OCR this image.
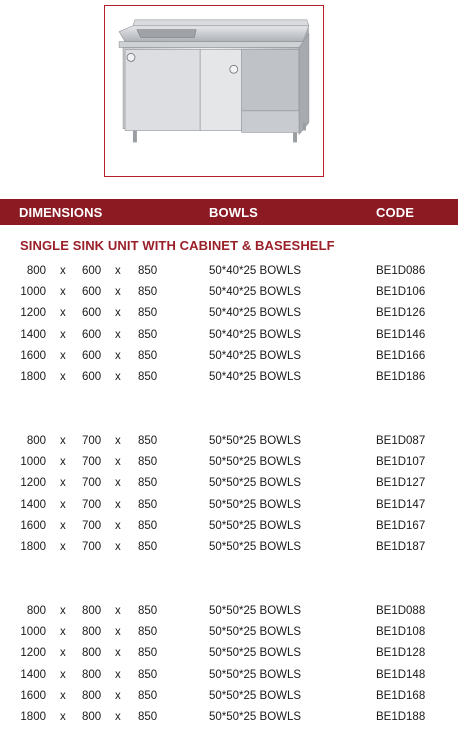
DIMENSIONS	BOWLS	CODE
SINGLE SINK UNIT WITH CABINET & BASESHELF
800 x 600 x 850	50*40*25 BOWLS	BE1D086
1000 x 600 x 850	50*40*25 BOWLS	BE1D106
1200 x 600 x 850	50*40*25 BOWLS	BE1D126
1400 x 600 x 850	50*40*25 BOWLS	BE1D146
1600 x 600 x 850	50*40*25 BOWLS	BE1D166
1800 x 600 x 850	50*40*25 BOWLS	BE1D186
800 x 700 x 850	50*50*25 BOWLS	BE1D087
1000 x 700 x 850	50*50*25 BOWLS	BE1D107
1200 x 700 x 850	50*50*25 BOWLS	BE1D127
1400 x 700 x 850	50*50*25 BOWLS	BE1D147
1600 x 700 x 850	50*50*25 BOWLS	BE1D167
1800 x 700 x 850	50*50*25 BOWLS	BE1D187
800 x 800 x 850	50*50*25 BOWLS	BE1D088
1000 x 800 x 850	50*50*25 BOWLS	BE1D108
1200 x 800 x 850	50*50*25 BOWLS	BE1D128
1400 x 800 x 850	50*50*25 BOWLS	BE1D148
1600 x 800 x 850	50*50*25 BOWLS	BE1D168
1800 x 800 x 850	50*50*25 BOWLS	BE1D188
